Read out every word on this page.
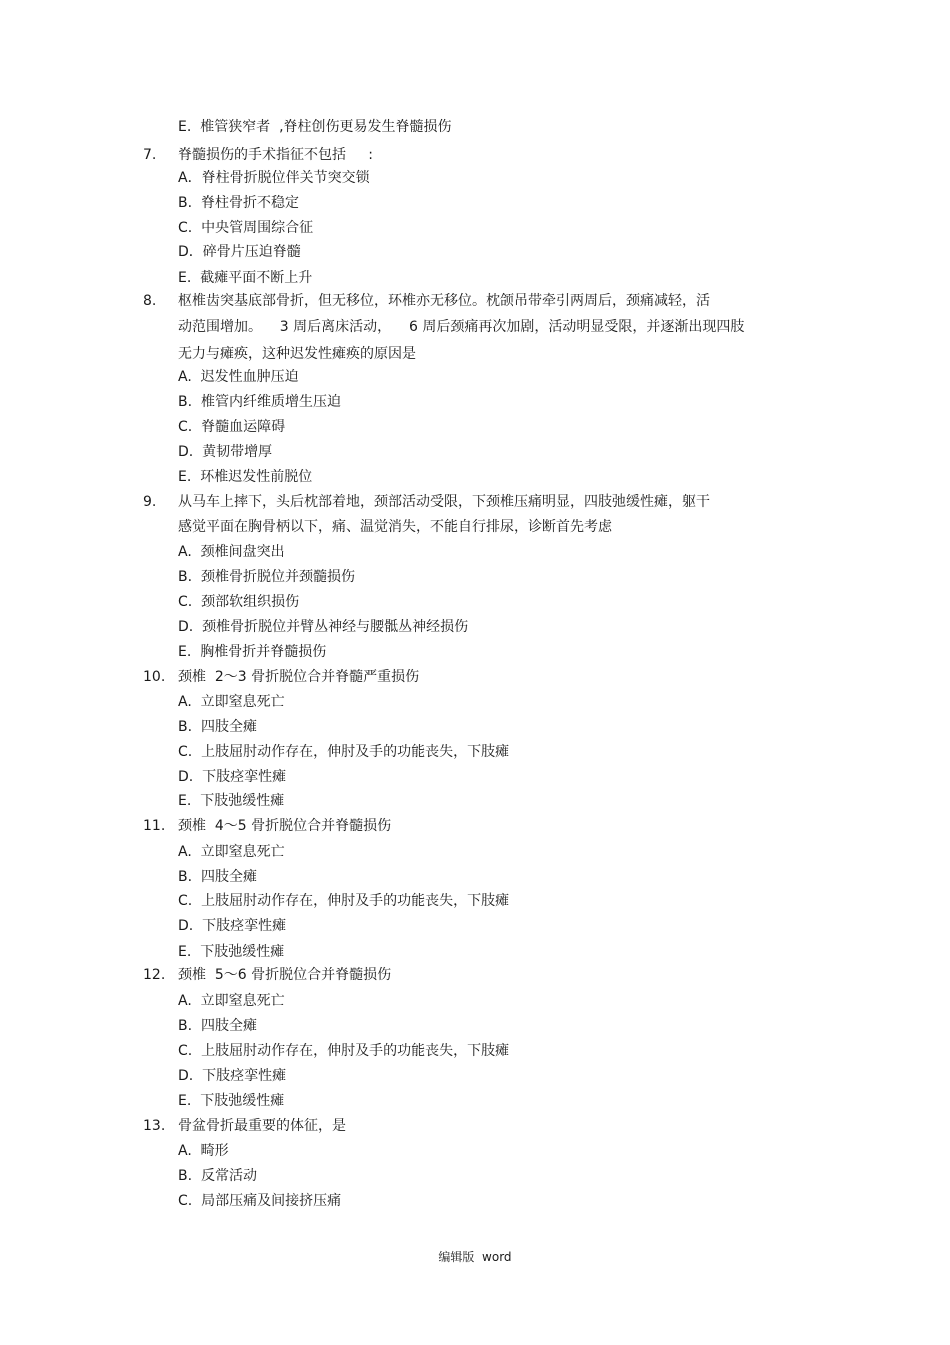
E.  椎管狭窄者  ,脊柱创伤更易发生脊髓损伤
7. 脊髓损伤的手术指征不包括     :
A．脊柱骨折脱位伴关节突交锁
B.  脊柱骨折不稳定
C.  中央管周围综合征
D．碎骨片压迫脊髓
E.  截瘫平面不断上升
8. 枢椎齿突基底部骨折，但无移位，环椎亦无移位。枕颌吊带牵引两周后，颈痛减轻，活
动范围增加。    3 周后离床活动，    6 周后颈痛再次加剧，活动明显受限，并逐渐出现四肢
无力与瘫痪，这种迟发性瘫痪的原因是
A.  迟发性血肿压迫
B.  椎管内纤维质增生压迫
C.  脊髓血运障碍
D.  黄韧带增厚
E.  环椎迟发性前脱位
9. 从马车上摔下，头后枕部着地，颈部活动受限，下颈椎压痛明显，四肢弛缓性瘫，躯干
感觉平面在胸骨柄以下，痛、温觉消失，不能自行排尿，诊断首先考虑
A.  颈椎间盘突出
B.  颈椎骨折脱位并颈髓损伤
C.  颈部软组织损伤
D.  颈椎骨折脱位并臂丛神经与腰骶丛神经损伤
E.  胸椎骨折并脊髓损伤
10. 颈椎  2～3 骨折脱位合并脊髓严重损伤
A.  立即窒息死亡
B.  四肢全瘫
C.  上肢屈肘动作存在，伸肘及手的功能丧失，下肢瘫
D.  下肢痉挛性瘫
E.  下肢弛缓性瘫
11. 颈椎  4～5 骨折脱位合并脊髓损伤
A.  立即窒息死亡
B.  四肢全瘫
C.  上肢屈肘动作存在，伸肘及手的功能丧失，下肢瘫
D.  下肢痉挛性瘫
E.  下肢弛缓性瘫
12. 颈椎  5～6 骨折脱位合并脊髓损伤
A.  立即窒息死亡
B.  四肢全瘫
C.  上肢屈肘动作存在，伸肘及手的功能丧失，下肢瘫
D.  下肢痉挛性瘫
E.  下肢弛缓性瘫
13. 骨盆骨折最重要的体征，是
A.  畸形
B.  反常活动
C.  局部压痛及间接挤压痛
编辑版  word
